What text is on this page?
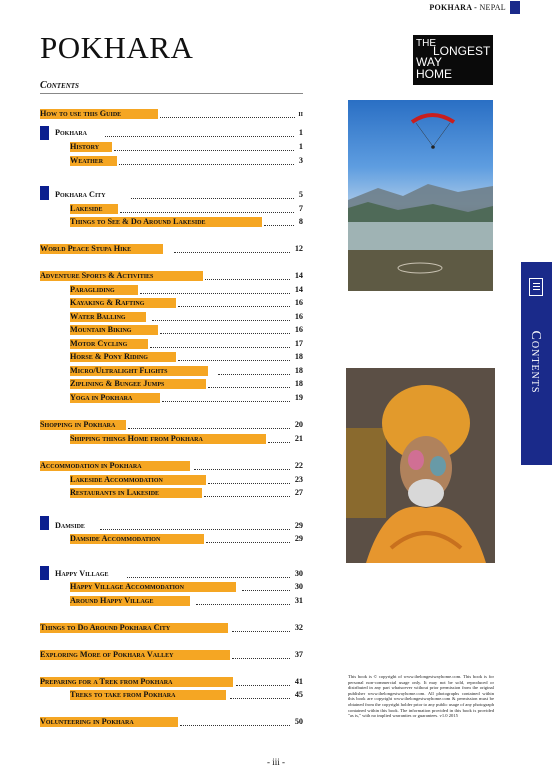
POKHARA - NEPAL
POKHARA
Contents
THE
LONGEST
WAY
HOME
How to use this Guide	ii
Pokhara	1
History	1
Weather	3
Pokhara City	5
Lakeside	7
Things to See & Do Around Lakeside	8
World Peace Stupa Hike	12
Adventure Sports & Activities	14
Paragliding	14
Kayaking & Rafting	16
Water Balling	16
Mountain Biking	16
Motor Cycling	17
Horse & Pony Riding	18
Micro/Ultralight Flights	18
Ziplining & Bungee Jumps	18
Yoga in Pokhara	19
Shopping in Pokhara	20
Shipping things Home from Pokhara	21
Accommodation in Pokhara	22
Lakeside Accommodation	23
Restaurants in Lakeside	27
Damside	29
Damside Accommodation	29
Happy Village	30
Happy Village Accommodation	30
Around Happy Village	31
Things to Do Around Pokhara City	32
Exploring More of Pokhara Valley	37
Preparing for a Trek from Pokhara	41
Treks to take from Pokhara	45
Volunteering in Pokhara	50
Contents
This book is © copyright of www.thelongestwayhome.com. This book is for personal non-commercial usage only. It may not be sold, reproduced or distributed in any part whatsoever without prior permission from the original publisher www.thelongestwayhome.com. All photographs contained within this book are copyright www.thelongestwayhome.com & permission must be obtained from the copyright holder prior to any public usage of any photograph contained within this book. The information provided in this book is provided "as is," with no implied warranties or guarantees. v1.0 2015
- iii -
